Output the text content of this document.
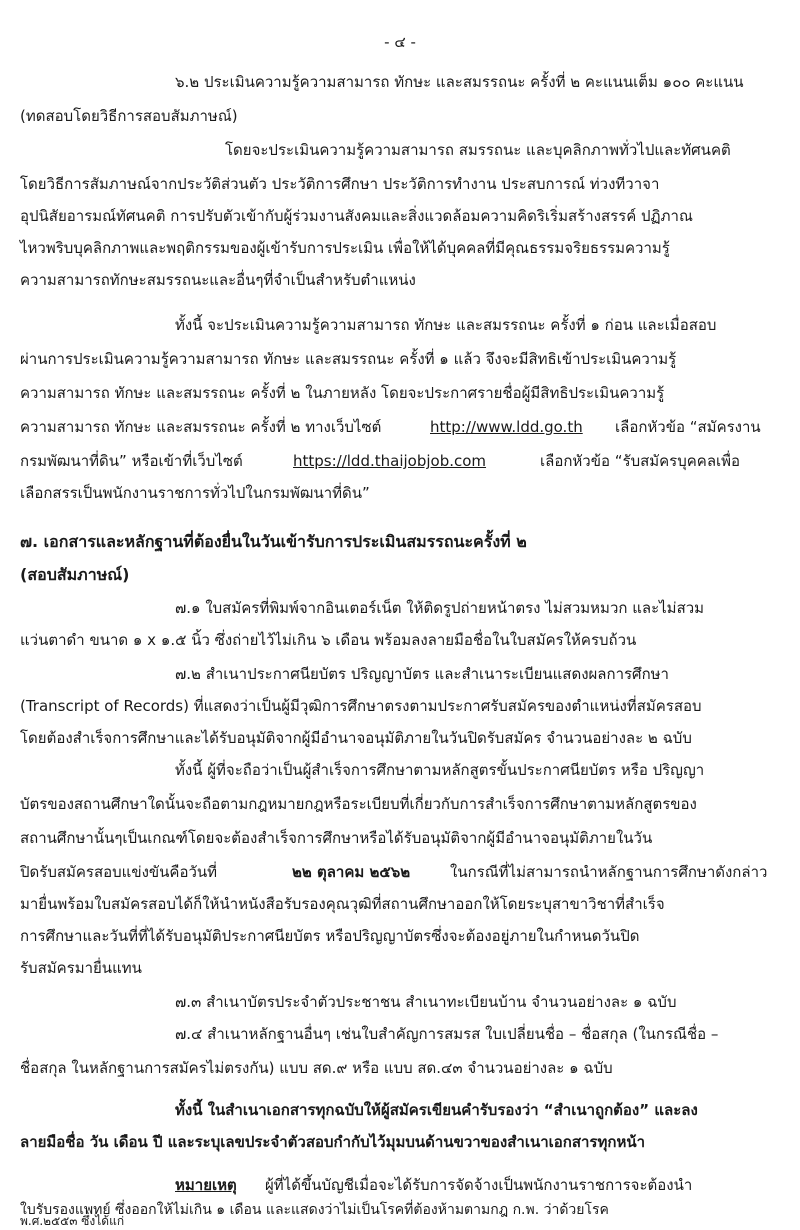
- ๔ -
๖.๒ ประเมินความรู้ความสามารถ ทักษะ และสมรรถนะ ครั้งที่ ๒ คะแนนเต็ม ๑๐๐ คะแนน
(ทดสอบโดยวิธีการสอบสัมภาษณ์)
โดยจะประเมินความรู้ความสามารถ สมรรถนะ และบุคลิกภาพทั่วไปและทัศนคติ
โดยวิธีการสัมภาษณ์จากประวัติส่วนตัว ประวัติการศึกษา ประวัติการทำงาน ประสบการณ์ ท่วงทีวาจา
อุปนิสัยอารมณ์ทัศนคติ การปรับตัวเข้ากับผู้ร่วมงานสังคมและสิ่งแวดล้อมความคิดริเริ่มสร้างสรรค์ ปฏิภาณ
ไหวพริบบุคลิกภาพและพฤติกรรมของผู้เข้ารับการประเมิน เพื่อให้ได้บุคคลที่มีคุณธรรมจริยธรรมความรู้
ความสามารถทักษะสมรรถนะและอื่นๆที่จำเป็นสำหรับตำแหน่ง
ทั้งนี้ จะประเมินความรู้ความสามารถ ทักษะ และสมรรถนะ ครั้งที่ ๑ ก่อน และเมื่อสอบ
ผ่านการประเมินความรู้ความสามารถ ทักษะ และสมรรถนะ ครั้งที่ ๑ แล้ว จึงจะมีสิทธิเข้าประเมินความรู้
ความสามารถ ทักษะ และสมรรถนะ ครั้งที่ ๒ ในภายหลัง โดยจะประกาศรายชื่อผู้มีสิทธิประเมินความรู้
ความสามารถ ทักษะ และสมรรถนะ ครั้งที่ ๒ ทางเว็บไซต์	http://www.ldd.go.th	เลือกหัวข้อ “สมัครงาน
กรมพัฒนาที่ดิน” หรือเข้าที่เว็บไซต์	https://ldd.thaijobjob.com	เลือกหัวข้อ “รับสมัครบุคคลเพื่อ
เลือกสรรเป็นพนักงานราชการทั่วไปในกรมพัฒนาที่ดิน”
๗. เอกสารและหลักฐานที่ต้องยื่นในวันเข้ารับการประเมินสมรรถนะครั้งที่ ๒
(สอบสัมภาษณ์)
๗.๑ ใบสมัครที่พิมพ์จากอินเตอร์เน็ต ให้ติดรูปถ่ายหน้าตรง ไม่สวมหมวก และไม่สวม
แว่นตาดำ ขนาด ๑ x ๑.๕ นิ้ว ซึ่งถ่ายไว้ไม่เกิน ๖ เดือน พร้อมลงลายมือชื่อในใบสมัครให้ครบถ้วน
๗.๒ สำเนาประกาศนียบัตร ปริญญาบัตร และสำเนาระเบียนแสดงผลการศึกษา
(Transcript of Records) ที่แสดงว่าเป็นผู้มีวุฒิการศึกษาตรงตามประกาศรับสมัครของตำแหน่งที่สมัครสอบ
โดยต้องสำเร็จการศึกษาและได้รับอนุมัติจากผู้มีอำนาจอนุมัติภายในวันปิดรับสมัคร จำนวนอย่างละ ๒ ฉบับ
ทั้งนี้ ผู้ที่จะถือว่าเป็นผู้สำเร็จการศึกษาตามหลักสูตรขั้นประกาศนียบัตร หรือ ปริญญา
บัตรของสถานศึกษาใดนั้นจะถือตามกฎหมายกฎหรือระเบียบที่เกี่ยวกับการสำเร็จการศึกษาตามหลักสูตรของ
สถานศึกษานั้นๆเป็นเกณฑ์โดยจะต้องสำเร็จการศึกษาหรือได้รับอนุมัติจากผู้มีอำนาจอนุมัติภายในวัน
ปิดรับสมัครสอบแข่งขันคือวันที่	๒๒ ตุลาคม ๒๕๖๒	ในกรณีที่ไม่สามารถนำหลักฐานการศึกษาดังกล่าว
มายื่นพร้อมใบสมัครสอบได้ก็ให้นำหนังสือรับรองคุณวุฒิที่สถานศึกษาออกให้โดยระบุสาขาวิชาที่สำเร็จ
การศึกษาและวันที่ที่ได้รับอนุมัติประกาศนียบัตร หรือปริญญาบัตรซึ่งจะต้องอยู่ภายในกำหนดวันปิด
รับสมัครมายื่นแทน
๗.๓ สำเนาบัตรประจำตัวประชาชน สำเนาทะเบียนบ้าน จำนวนอย่างละ ๑ ฉบับ
๗.๔ สำเนาหลักฐานอื่นๆ เช่นใบสำคัญการสมรส ใบเปลี่ยนชื่อ – ชื่อสกุล (ในกรณีชื่อ –
ชื่อสกุล ในหลักฐานการสมัครไม่ตรงกัน) แบบ สด.๙ หรือ แบบ สด.๔๓ จำนวนอย่างละ ๑ ฉบับ
ทั้งนี้ ในสำเนาเอกสารทุกฉบับให้ผู้สมัครเขียนคำรับรองว่า “สำเนาถูกต้อง” และลง
ลายมือชื่อ วัน เดือน ปี และระบุเลขประจำตัวสอบกำกับไว้มุมบนด้านขวาของสำเนาเอกสารทุกหน้า
หมายเหตุ	ผู้ที่ได้ขึ้นบัญชีเมื่อจะได้รับการจัดจ้างเป็นพนักงานราชการจะต้องนำ
ใบรับรองแพทย์ ซึ่งออกให้ไม่เกิน ๑ เดือน และแสดงว่าไม่เป็นโรคที่ต้องห้ามตามกฎ ก.พ. ว่าด้วยโรค
พ.ศ.๒๕๕๓ ซึ่งได้แก่
